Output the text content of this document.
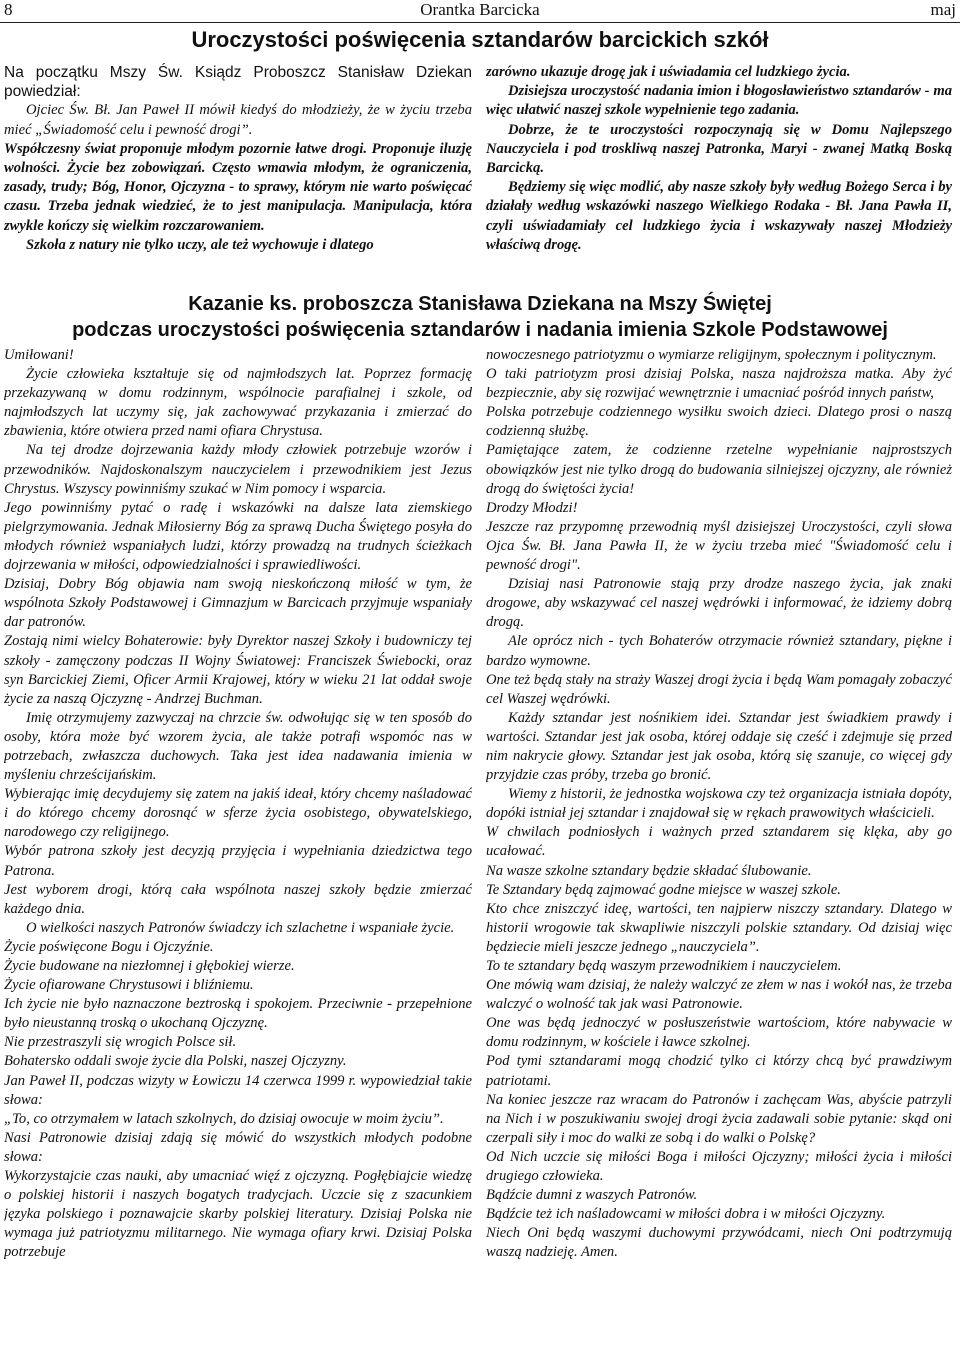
8	Orantka Barcicka	maj
Uroczystości poświęcenia sztandarów barcickich szkół

Na początku Mszy Św. Ksiądz Proboszcz Stanisław Dziekan powiedział:

Ojciec Św. Bł. Jan Paweł II mówił kiedyś do młodzieży, że w życiu trzeba mieć „Świadomość celu i pewność drogi”.

Współczesny świat proponuje młodym pozornie łatwe drogi. Proponuje iluzję wolności. Życie bez zobowiązań. Często wmawia młodym, że ograniczenia, zasady, trudy; Bóg, Honor, Ojczyzna - to sprawy, którym nie warto poświęcać czasu. Trzeba jednak wiedzieć, że to jest manipulacja. Manipulacja, która zwykle kończy się wielkim rozczarowaniem.

Szkoła z natury nie tylko uczy, ale też wychowuje i dlatego

zarówno ukazuje drogę jak i uświadamia cel ludzkiego życia.

Dzisiejsza uroczystość nadania imion i błogosławieństwo sztandarów - ma więc ułatwić naszej szkole wypełnienie tego zadania.

Dobrze, że te uroczystości rozpoczynają się w Domu Najlepszego Nauczyciela i pod troskliwą naszej Patronka, Maryi - zwanej Matką Boską Barcicką.

Będziemy się więc modlić, aby nasze szkoły były według Bożego Serca i by działały według wskazówki naszego Wielkiego Rodaka - Bł. Jana Pawła II, czyli uświadamiały cel ludzkiego życia i wskazywały naszej Młodzieży właściwą drogę.

Kazanie ks. proboszcza Stanisława Dziekana na Mszy Świętej
podczas uroczystości poświęcenia sztandarów i nadania imienia Szkole Podstawowej

Umiłowani!

Życie człowieka kształtuje się od najmłodszych lat. Poprzez formację przekazywaną w domu rodzinnym, wspólnocie parafialnej i szkole, od najmłodszych lat uczymy się, jak zachowywać przykazania i zmierzać do zbawienia, które otwiera przed nami ofiara Chrystusa.

Na tej drodze dojrzewania każdy młody człowiek potrzebuje wzorów i przewodników. Najdoskonalszym nauczycielem i przewodnikiem jest Jezus Chrystus. Wszyscy powinniśmy szukać w Nim pomocy i wsparcia.

Jego powinniśmy pytać o radę i wskazówki na dalsze lata ziemskiego pielgrzymowania. Jednak Miłosierny Bóg za sprawą Ducha Świętego posyła do młodych również wspaniałych ludzi, którzy prowadzą na trudnych ścieżkach dojrzewania w miłości, odpowiedzialności i sprawiedliwości.

Dzisiaj, Dobry Bóg objawia nam swoją nieskończoną miłość w tym, że wspólnota Szkoły Podstawowej i Gimnazjum w Barcicach przyjmuje wspaniały dar patronów.

Zostają nimi wielcy Bohaterowie: były Dyrektor naszej Szkoły i budowniczy tej szkoły - zamęczony podczas II Wojny Światowej: Franciszek Świebocki, oraz syn Barcickiej Ziemi, Oficer Armii Krajowej, który w wieku 21 lat oddał swoje życie za naszą Ojczyznę - Andrzej Buchman.

Imię otrzymujemy zazwyczaj na chrzcie św. odwołując się w ten sposób do osoby, która może być wzorem życia, ale także potrafi wspomóc nas w potrzebach, zwłaszcza duchowych. Taka jest idea nadawania imienia w myśleniu chrześcijańskim.

Wybierając imię decydujemy się zatem na jakiś ideał, który chcemy naśladować i do którego chcemy dorosnąć w sferze życia osobistego, obywatelskiego, narodowego czy religijnego.

Wybór patrona szkoły jest decyzją przyjęcia i wypełniania dziedzictwa tego Patrona.

Jest wyborem drogi, którą cała wspólnota naszej szkoły będzie zmierzać każdego dnia.

O wielkości naszych Patronów świadczy ich szlachetne i wspaniałe życie.

Życie poświęcone Bogu i Ojczyźnie.

Życie budowane na niezłomnej i głębokiej wierze.

Życie ofiarowane Chrystusowi i bliźniemu.

Ich życie nie było naznaczone beztroską i spokojem. Przeciwnie - przepełnione było nieustanną troską o ukochaną Ojczyznę.

Nie przestraszyli się wrogich Polsce sił.

Bohatersko oddali swoje życie dla Polski, naszej Ojczyzny.

Jan Paweł II, podczas wizyty w Łowiczu 14 czerwca 1999 r. wypowiedział takie słowa:

„To, co otrzymałem w latach szkolnych, do dzisiaj owocuje w moim życiu”.

Nasi Patronowie dzisiaj zdają się mówić do wszystkich młodych podobne słowa:

Wykorzystajcie czas nauki, aby umacniać więź z ojczyzną. Pogłębiajcie wiedzę o polskiej historii i naszych bogatych tradycjach. Uczcie się z szacunkiem języka polskiego i poznawajcie skarby polskiej literatury. Dzisiaj Polska nie wymaga już patriotyzmu militarnego. Nie wymaga ofiary krwi. Dzisiaj Polska potrzebuje

nowoczesnego patriotyzmu o wymiarze religijnym, społecznym i politycznym.

O taki patriotyzm prosi dzisiaj Polska, nasza najdroższa matka. Aby żyć bezpiecznie, aby się rozwijać wewnętrznie i umacniać pośród innych państw,

Polska potrzebuje codziennego wysiłku swoich dzieci. Dlatego prosi o naszą codzienną służbę.

Pamiętające zatem, że codzienne rzetelne wypełnianie najprostszych obowiązków jest nie tylko drogą do budowania silniejszej ojczyzny, ale również drogą do świętości życia!

Drodzy Młodzi!

Jeszcze raz przypomnę przewodnią myśl dzisiejszej Uroczystości, czyli słowa Ojca Św. Bł. Jana Pawła II, że w życiu trzeba mieć "Świadomość celu i pewność drogi".

Dzisiaj nasi Patronowie stają przy drodze naszego życia, jak znaki drogowe, aby wskazywać cel naszej wędrówki i informować, że idziemy dobrą drogą.

Ale oprócz nich - tych Bohaterów otrzymacie również sztandary, piękne i bardzo wymowne.

One też będą stały na straży Waszej drogi życia i będą Wam pomagały zobaczyć cel Waszej wędrówki.

Każdy sztandar jest nośnikiem idei. Sztandar jest świadkiem prawdy i wartości. Sztandar jest jak osoba, której oddaje się cześć i zdejmuje się przed nim nakrycie głowy. Sztandar jest jak osoba, którą się szanuje, co więcej gdy przyjdzie czas próby, trzeba go bronić.

Wiemy z historii, że jednostka wojskowa czy też organizacja istniała dopóty, dopóki istniał jej sztandar i znajdował się w rękach prawowitych właścicieli.

W chwilach podniosłych i ważnych przed sztandarem się klęka, aby go ucałować.

Na wasze szkolne sztandary będzie składać ślubowanie.

Te Sztandary będą zajmować godne miejsce w waszej szkole.

Kto chce zniszczyć ideę, wartości, ten najpierw niszczy sztandary. Dlatego w historii wrogowie tak skwapliwie niszczyli polskie sztandary. Od dzisiaj więc będziecie mieli jeszcze jednego „nauczyciela”.

To te sztandary będą waszym przewodnikiem i nauczycielem.

One mówią wam dzisiaj, że należy walczyć ze złem w nas i wokół nas, że trzeba walczyć o wolność tak jak wasi Patronowie.

One was będą jednoczyć w posłuszeństwie wartościom, które nabywacie w domu rodzinnym, w kościele i ławce szkolnej.

Pod tymi sztandarami mogą chodzić tylko ci którzy chcą być prawdziwym patriotami.

Na koniec jeszcze raz wracam do Patronów i zachęcam Was, abyście patrzyli na Nich i w poszukiwaniu swojej drogi życia zadawali sobie pytanie: skąd oni czerpali siły i moc do walki ze sobą i do walki o Polskę?

Od Nich uczcie się miłości Boga i miłości Ojczyzny; miłości życia i miłości drugiego człowieka.

Bądźcie dumni z waszych Patronów.

Bądźcie też ich naśladowcami w miłości dobra i w miłości Ojczyzny.

Niech Oni będą waszymi duchowymi przywódcami, niech Oni podtrzymują waszą nadzieję. Amen.
